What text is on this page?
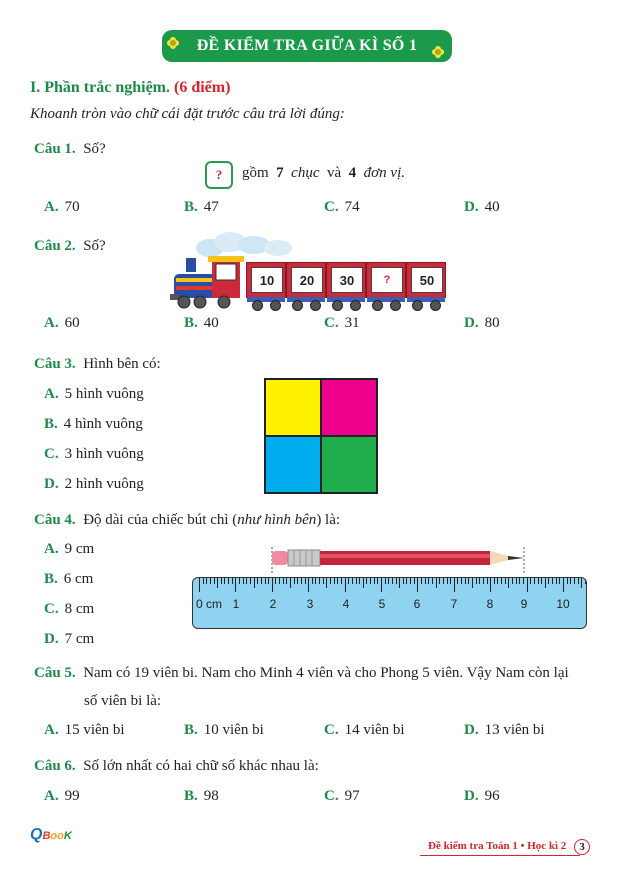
ĐỀ KIỂM TRA GIỮA KÌ SỐ 1
I. Phần trắc nghiệm. (6 điểm)
Khoanh tròn vào chữ cái đặt trước câu trả lời đúng:
Câu 1. Số?
?	gồm 7 chục và 4 đơn vị.
A. 70	B. 47	C. 74	D. 40
Câu 2. Số?
10	20	30	?	50
A. 60	B. 40	C. 31	D. 80
Câu 3. Hình bên có:
A. 5 hình vuông
B. 4 hình vuông
C. 3 hình vuông
D. 2 hình vuông
Câu 4. Độ dài của chiếc bút chì (như hình bên) là:
A. 9 cm
B. 6 cm
C. 8 cm
D. 7 cm
0 cm 1	2	3 4 5 6	7 8 9 10
Câu 5. Nam có 19 viên bi. Nam cho Minh 4 viên và cho Phong 5 viên. Vậy Nam còn lại
số viên bi là:
A. 15 viên bi	B. 10 viên bi	C. 14 viên bi	D. 13 viên bi
Câu 6. Số lớn nhất có hai chữ số khác nhau là:
A. 99	B. 98	C. 97	D. 96
QBooK
Đề kiểm tra Toán 1 • Học kì 2	3
